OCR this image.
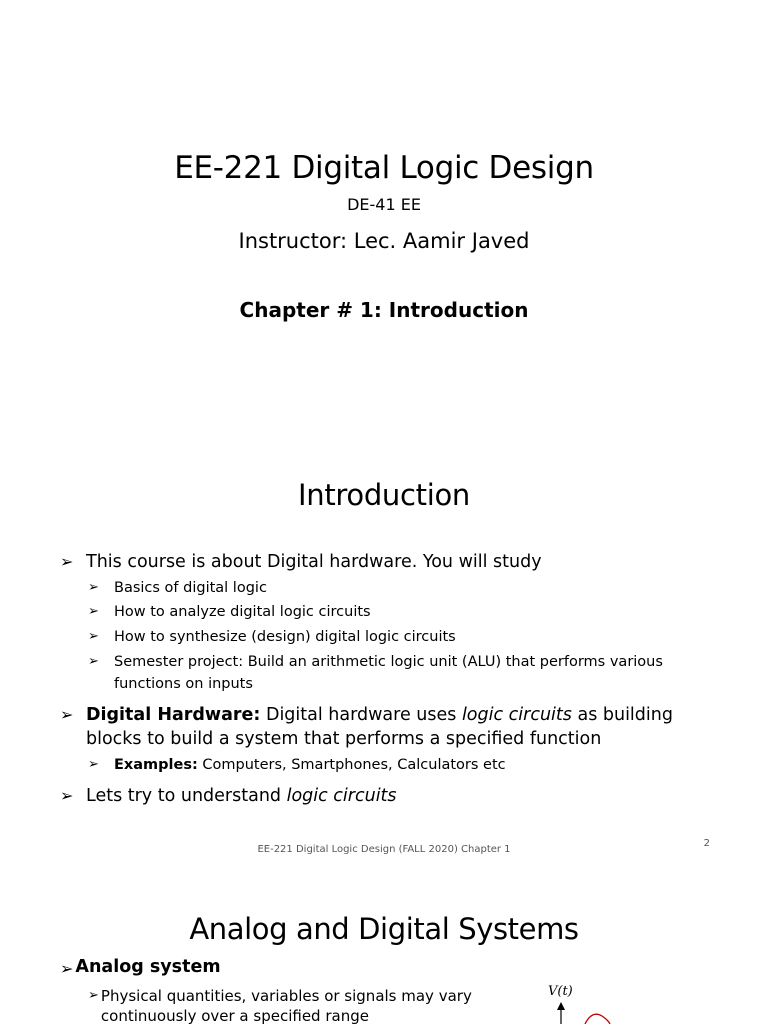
EE-221 Digital Logic Design
DE-41 EE
Instructor: Lec. Aamir Javed
Chapter # 1: Introduction
Introduction
➢ This course is about Digital hardware. You will study
➢	Basics of digital logic
➢	How to analyze digital logic circuits
➢	How to synthesize (design) digital logic circuits
➢	Semester project: Build an arithmetic logic unit (ALU) that performs various functions on inputs
➢ Digital Hardware: Digital hardware uses logic circuits as building blocks to build a system that performs a specified function
➢	Examples: Computers, Smartphones, Calculators etc
➢ Lets try to understand logic circuits
EE-221 Digital Logic Design (FALL 2020) Chapter 1
2
Analog and Digital Systems
➢ Analog system
➢ Physical quantities, variables or signals may vary continuously over a specified range
V(t)
